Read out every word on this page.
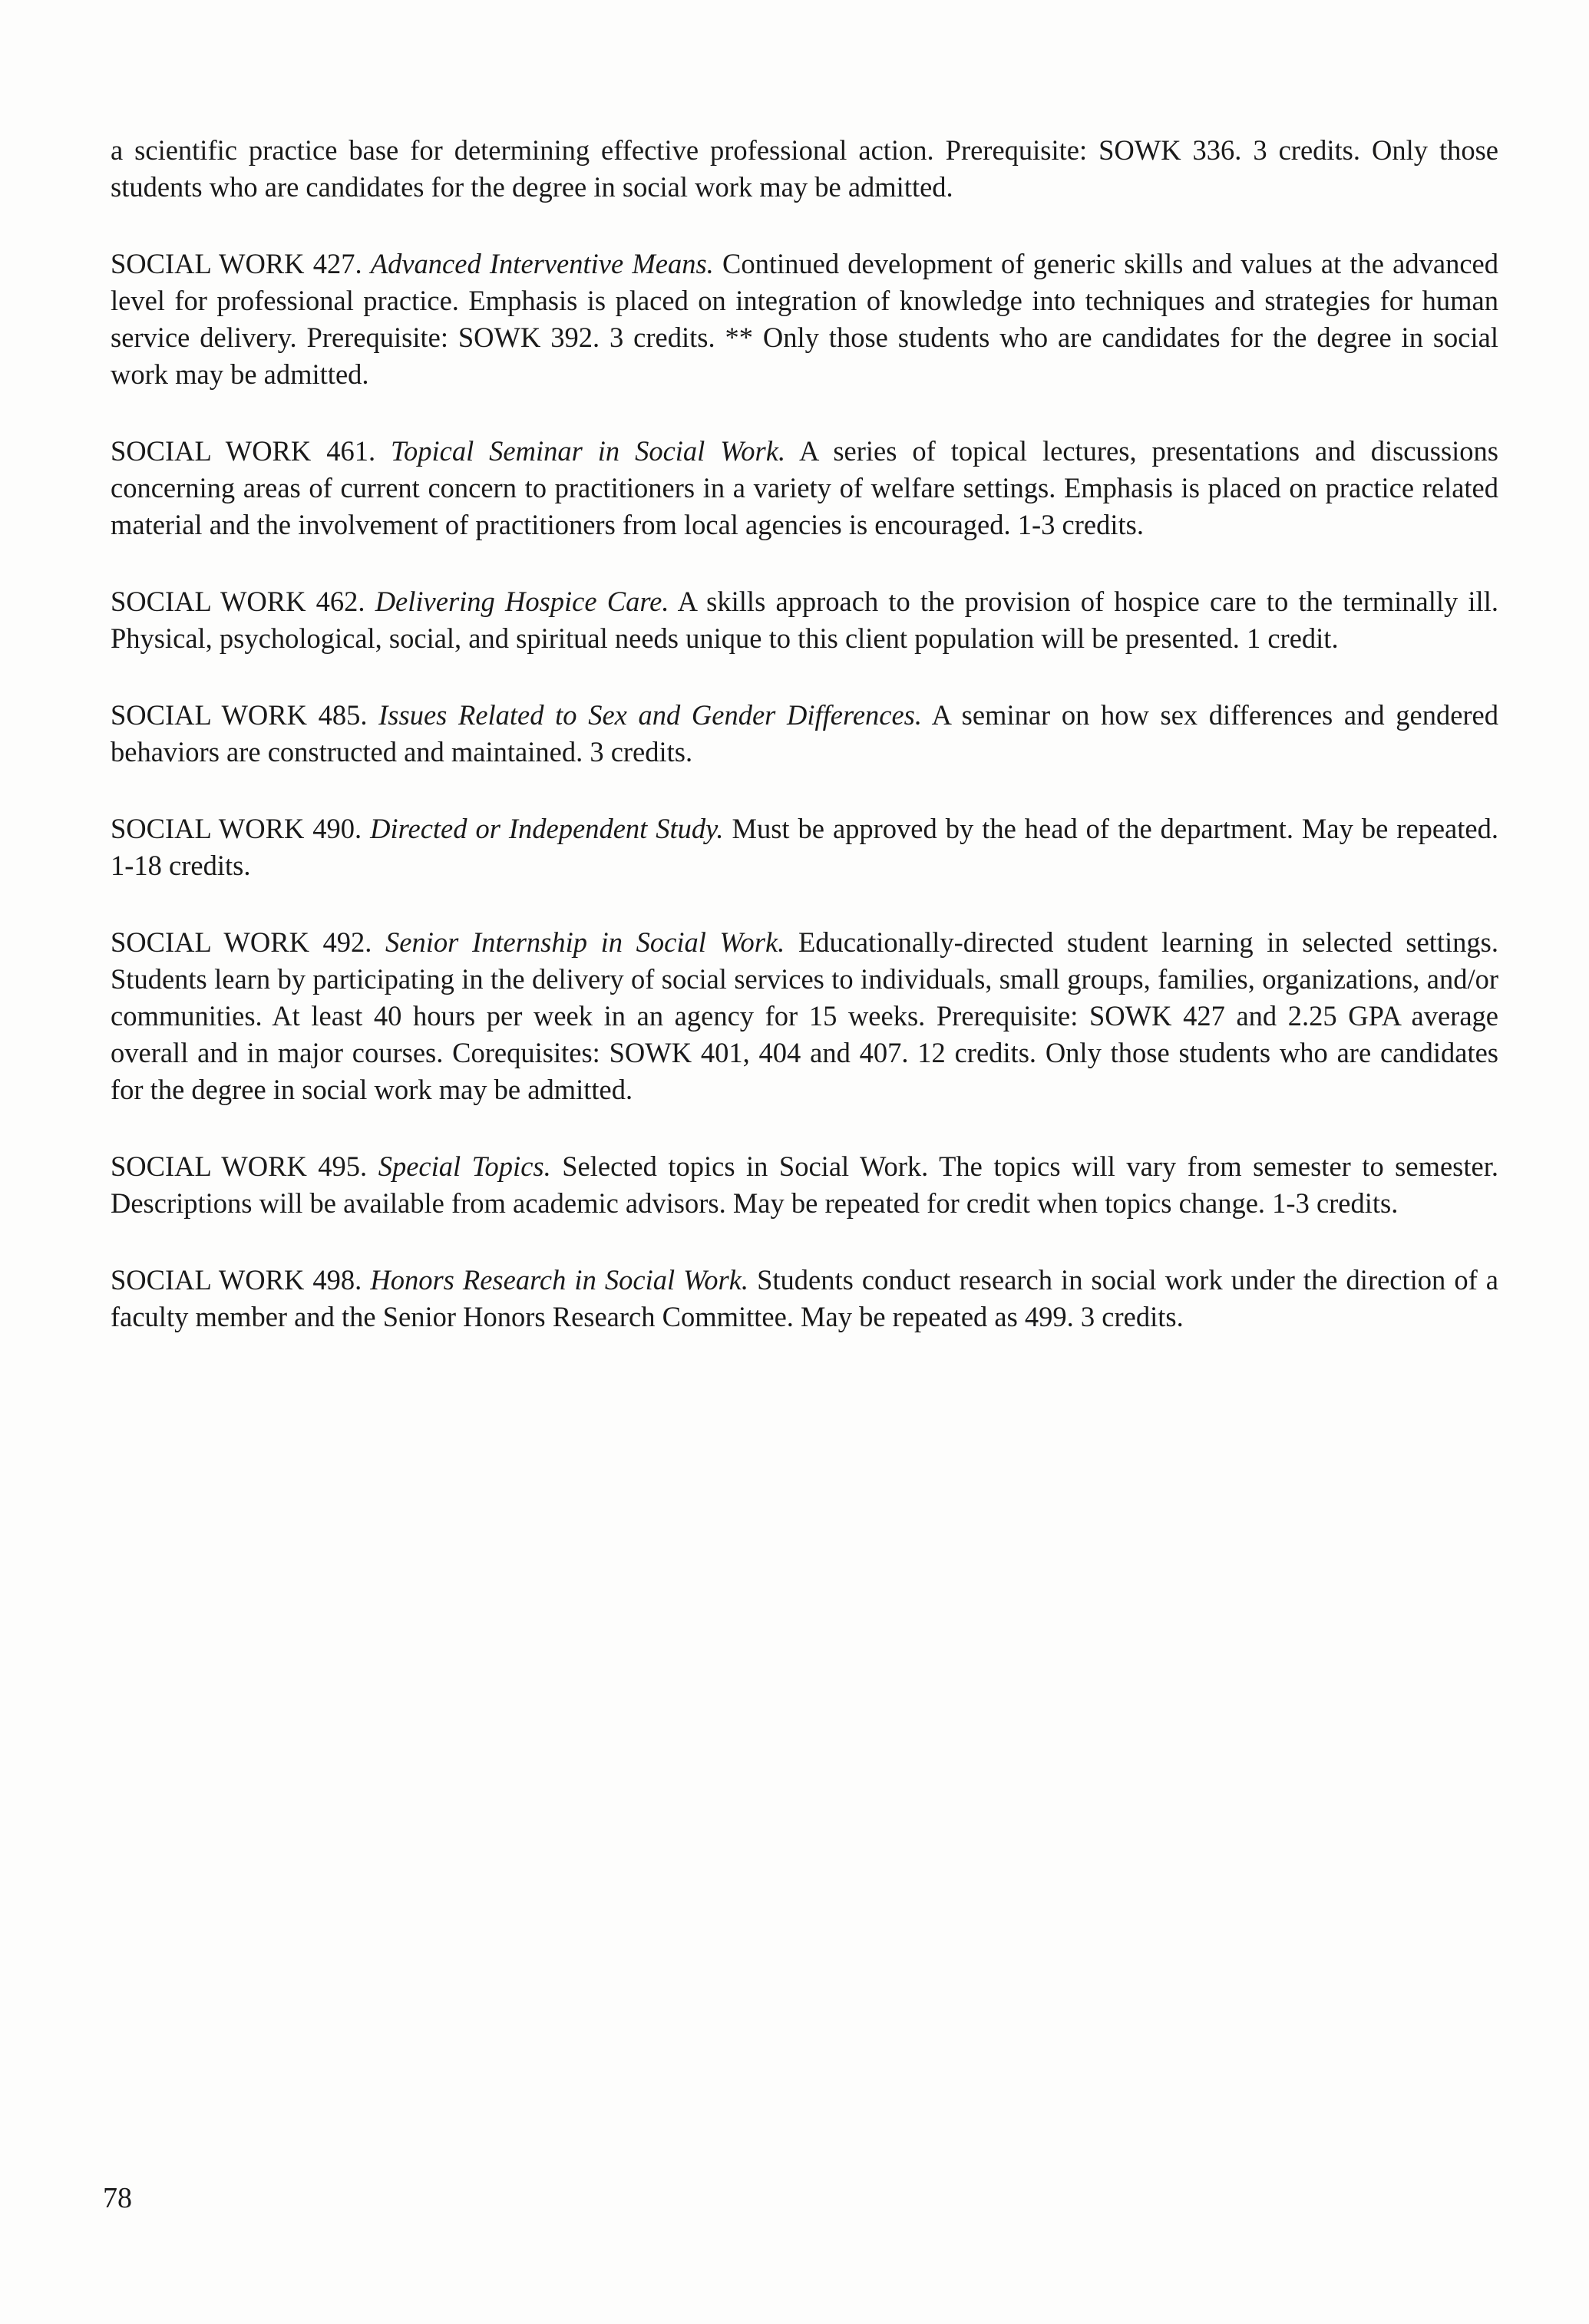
a scientific practice base for determining effective professional action. Prerequisite: SOWK 336. 3 credits. Only those students who are candidates for the degree in social work may be admitted.

SOCIAL WORK 427. Advanced Interventive Means. Continued development of generic skills and values at the advanced level for professional practice. Emphasis is placed on integration of knowledge into techniques and strategies for human service delivery. Prerequisite: SOWK 392. 3 credits. ** Only those students who are candidates for the degree in social work may be admitted.

SOCIAL WORK 461. Topical Seminar in Social Work. A series of topical lectures, presentations and discussions concerning areas of current concern to practitioners in a variety of welfare settings. Emphasis is placed on practice related material and the involvement of practitioners from local agencies is encouraged. 1-3 credits.

SOCIAL WORK 462. Delivering Hospice Care. A skills approach to the provision of hospice care to the terminally ill. Physical, psychological, social, and spiritual needs unique to this client population will be presented. 1 credit.

SOCIAL WORK 485. Issues Related to Sex and Gender Differences. A seminar on how sex differences and gendered behaviors are constructed and maintained. 3 credits.

SOCIAL WORK 490. Directed or Independent Study. Must be approved by the head of the department. May be repeated. 1-18 credits.

SOCIAL WORK 492. Senior Internship in Social Work. Educationally-directed student learning in selected settings. Students learn by participating in the delivery of social services to individuals, small groups, families, organizations, and/or communities. At least 40 hours per week in an agency for 15 weeks. Prerequisite: SOWK 427 and 2.25 GPA average overall and in major courses. Corequisites: SOWK 401, 404 and 407. 12 credits. Only those students who are candidates for the degree in social work may be admitted.

SOCIAL WORK 495. Special Topics. Selected topics in Social Work. The topics will vary from semester to semester. Descriptions will be available from academic advisors. May be repeated for credit when topics change. 1-3 credits.

SOCIAL WORK 498. Honors Research in Social Work. Students conduct research in social work under the direction of a faculty member and the Senior Honors Research Committee. May be repeated as 499. 3 credits.

78
